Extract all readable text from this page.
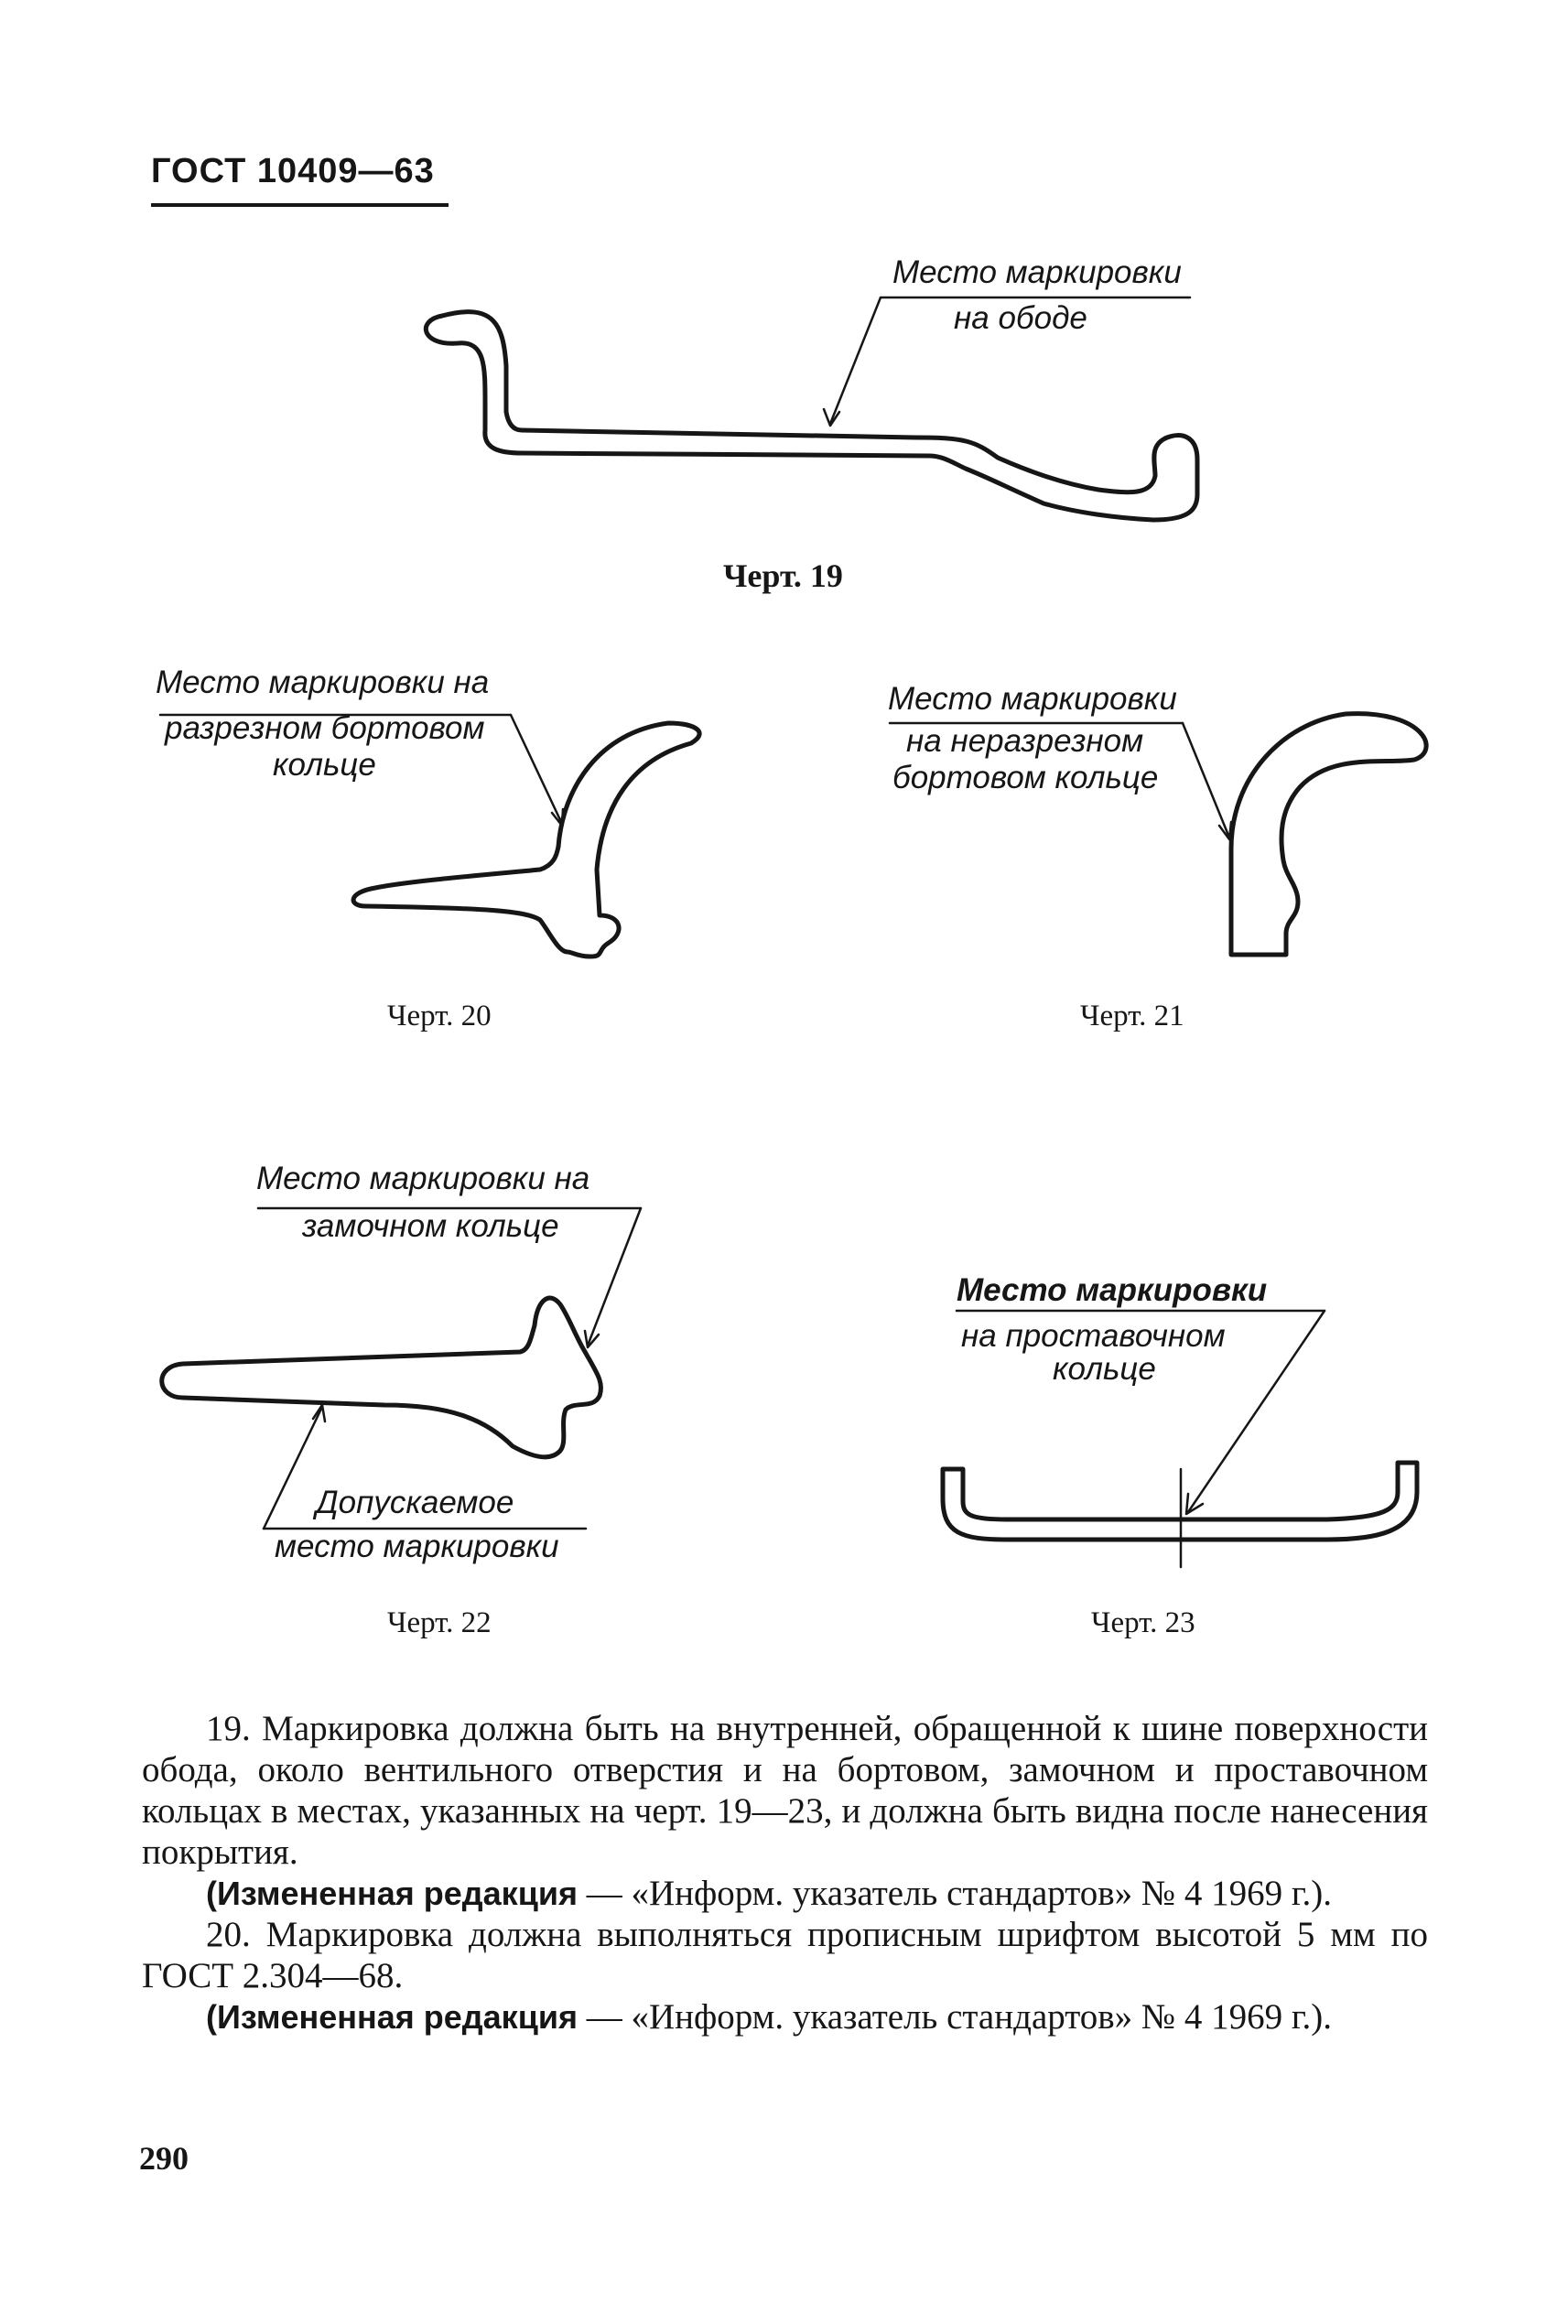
ГОСТ 10409—63
Место маркировки
на ободе
Черт. 19
Место маркировки на
разрезном бортовом
кольце
Черт. 20
Место маркировки
на неразрезном
бортовом кольце
Черт. 21
Место маркировки на
замочном кольце
Допускаемое
место маркировки
Черт. 22
Место маркировки
на проставочном
кольце
Черт. 23

19. Маркировка должна быть на внутренней, обращенной к шине поверхности обода, около вентильного отверстия и на бортовом, замочном и проставочном кольцах в местах, указанных на черт. 19—23, и должна быть видна после нанесения покрытия.

(Измененная редакция — «Информ. указатель стандартов» № 4 1969 г.).

20. Маркировка должна выполняться прописным шрифтом высотой 5 мм по ГОСТ 2.304—68.

(Измененная редакция — «Информ. указатель стандартов» № 4 1969 г.).

290
